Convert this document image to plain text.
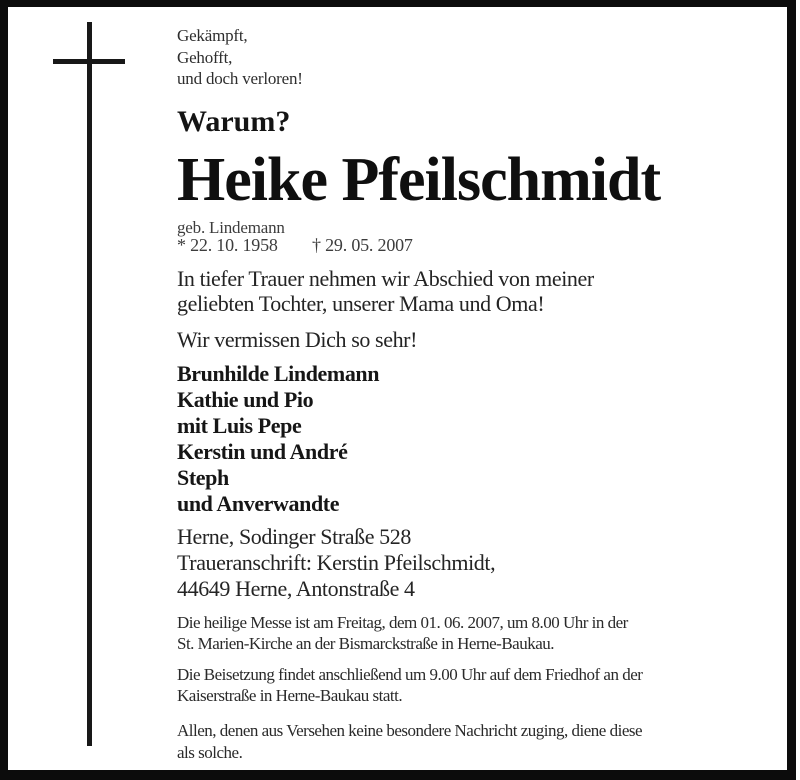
Gekämpft,
Gehofft,
und doch verloren!
Warum?
Heike Pfeilschmidt
geb. Lindemann
* 22. 10. 1958 † 29. 05. 2007
In tiefer Trauer nehmen wir Abschied von meiner
geliebten Tochter, unserer Mama und Oma!
Wir vermissen Dich so sehr!
Brunhilde Lindemann
Kathie und Pio
mit Luis Pepe
Kerstin und André
Steph
und Anverwandte
Herne, Sodinger Straße 528
Traueranschrift: Kerstin Pfeilschmidt,
44649 Herne, Antonstraße 4
Die heilige Messe ist am Freitag, dem 01. 06. 2007, um 8.00 Uhr in der
St. Marien-Kirche an der Bismarckstraße in Herne-Baukau.
Die Beisetzung findet anschließend um 9.00 Uhr auf dem Friedhof an der
Kaiserstraße in Herne-Baukau statt.
Allen, denen aus Versehen keine besondere Nachricht zuging, diene diese
als solche.
